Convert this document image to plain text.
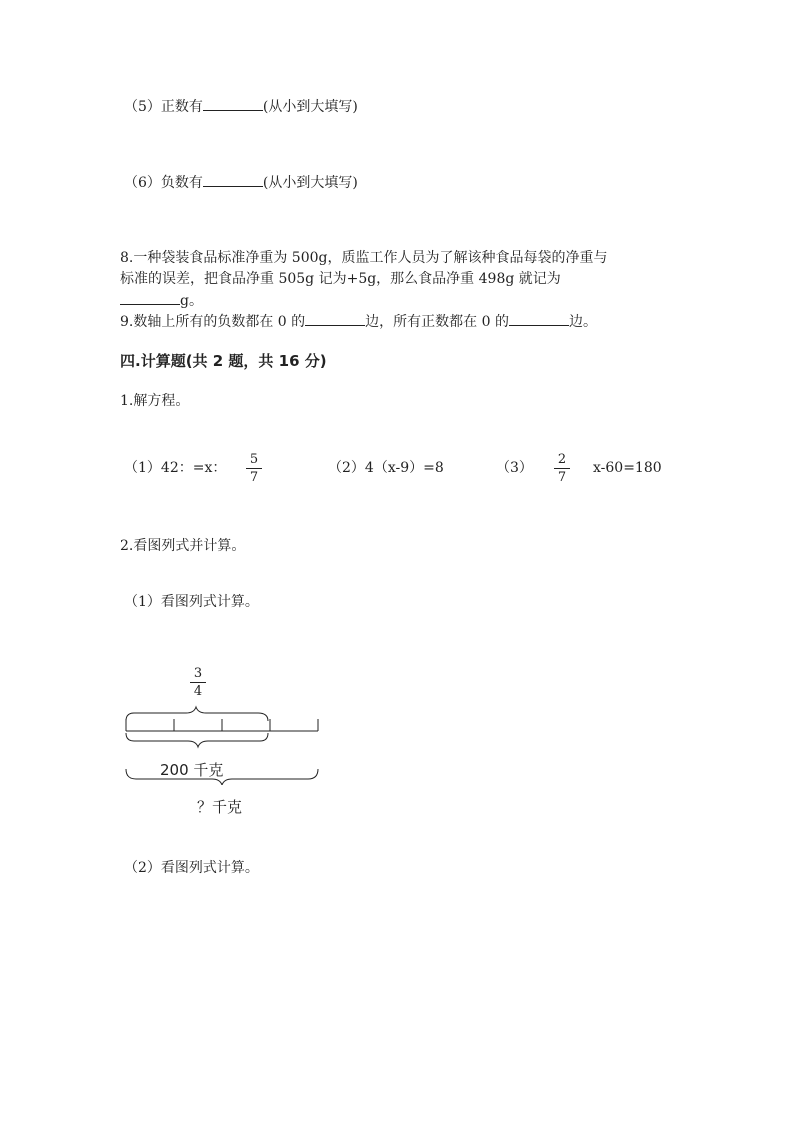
（5）正数有	(从小到大填写)
（6）负数有	(从小到大填写)
8.一种袋装食品标准净重为 500g，质监工作人员为了解该种食品每袋的净重与
标准的误差，把食品净重 505g 记为+5g，那么食品净重 498g 就记为
g。
9.数轴上所有的负数都在 0 的	边，所有正数都在 0 的	边。
四.计算题(共 2 题，共 16 分)
1.解方程。
（1）42：=x：
5
7
（2）4（x-9）=8	（3）
2
7
x-60=180
2.看图列式并计算。
（1）看图列式计算。
3
4
200 千克
？千克
（2）看图列式计算。
